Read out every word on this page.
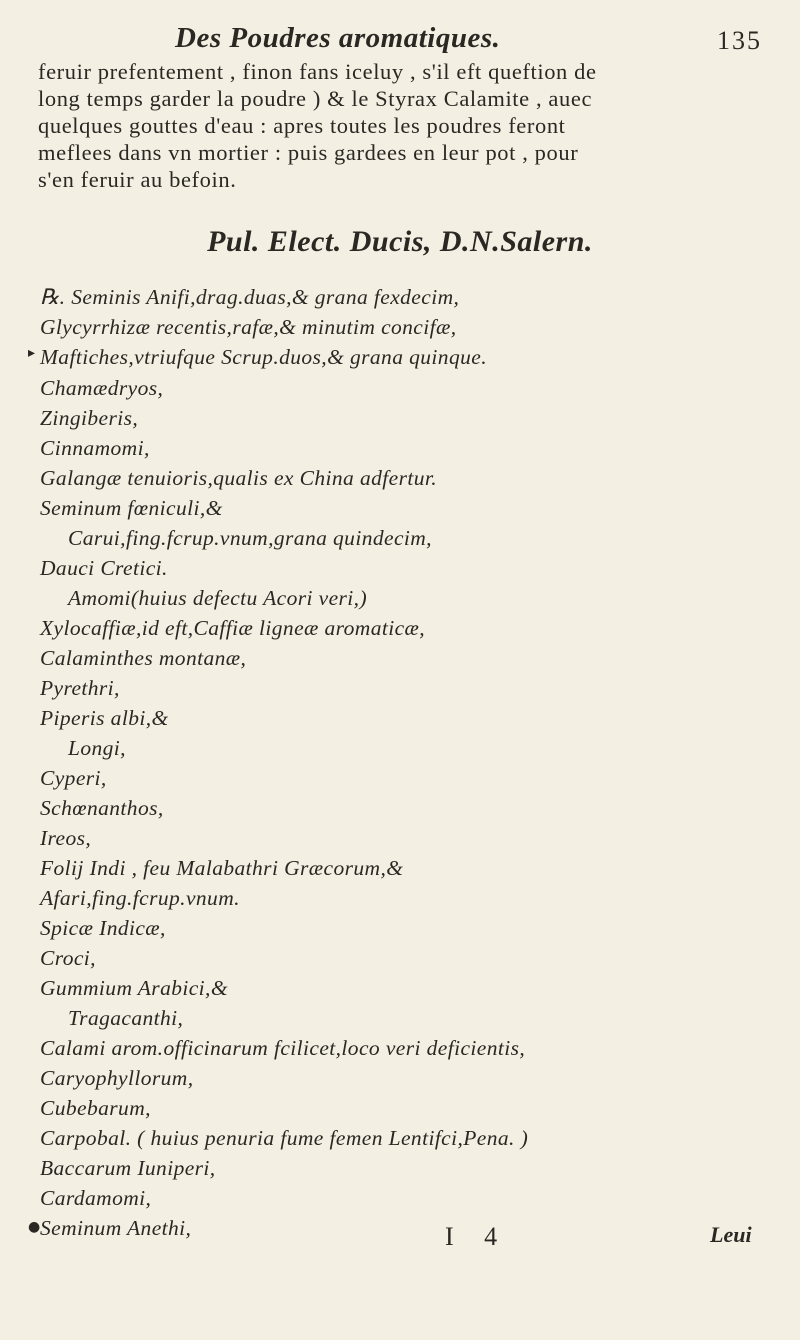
Des Poudres aromatiques.	135
feruir prefentement , finon fans iceluy , s'il eft queftion de
long temps garder la poudre ) & le Styrax Calamite , auec
quelques gouttes d'eau : apres toutes les poudres feront
meflees dans vn mortier : puis gardees en leur pot , pour
s'en feruir au befoin.
Pul. Elect. Ducis, D.N.Salern.
℞. Seminis Anifi,drag.duas,& grana fexdecim,
Glycyrrhizæ recentis,rafæ,& minutim concifæ,
Maftiches,vtriufque Scrup.duos,& grana quinque.
Chamædryos,
Zingiberis,
Cinnamomi,
Galangæ tenuioris,qualis ex China adfertur.
Seminum fœniculi,&
Carui,fing.fcrup.vnum,grana quindecim,
Dauci Cretici.
Amomi(huius defectu Acori veri,)
Xylocaffiæ,id eft,Caffiæ ligneæ aromaticæ,
Calaminthes montanæ,
Pyrethri,
Piperis albi,&
Longi,
Cyperi,
Schœnanthos,
Ireos,
Folij Indi , feu Malabathri Græcorum,&
Afari,fing.fcrup.vnum.
Spicæ Indicæ,
Croci,
Gummium Arabici,&
Tragacanthi,
Calami arom.officinarum fcilicet,loco veri deficientis,
Caryophyllorum,
Cubebarum,
Carpobal. ( huius penuria fume femen Lentifci,Pena. )
Baccarum Iuniperi,
Cardamomi,
Seminum Anethi,
▸
●	I 4	Leui
